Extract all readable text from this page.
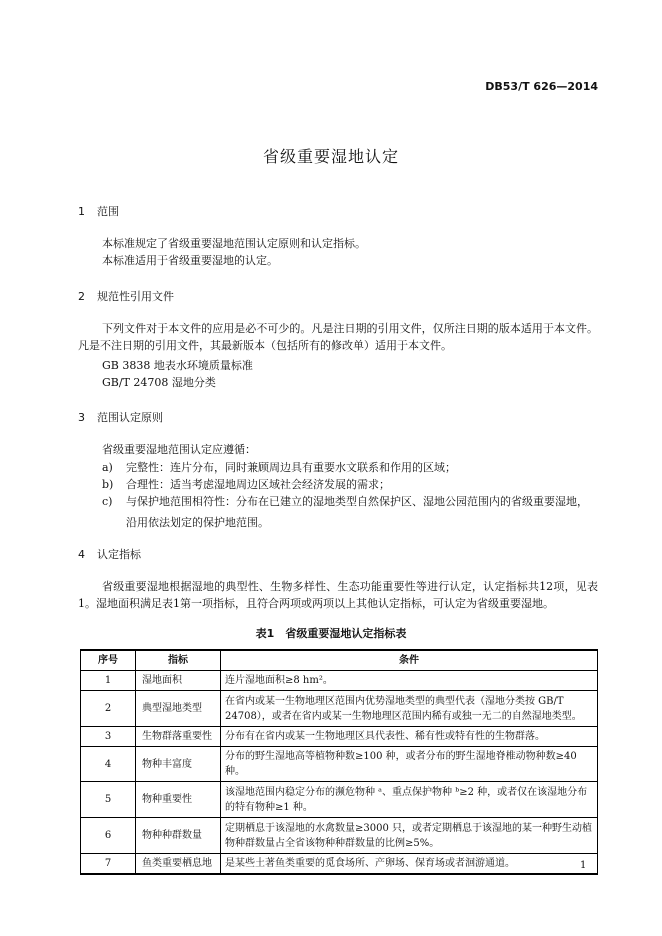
DB53/T 626—2014
省级重要湿地认定
1 范围
本标准规定了省级重要湿地范围认定原则和认定指标。
本标准适用于省级重要湿地的认定。
2 规范性引用文件
下列文件对于本文件的应用是必不可少的。凡是注日期的引用文件，仅所注日期的版本适用于本文件。凡是不注日期的引用文件，其最新版本（包括所有的修改单）适用于本文件。
GB 3838 地表水环境质量标准
GB/T 24708 湿地分类
3 范围认定原则
省级重要湿地范围认定应遵循：
a)	完整性：连片分布，同时兼顾周边具有重要水文联系和作用的区域；
b)	合理性：适当考虑湿地周边区域社会经济发展的需求；
c)	与保护地范围相符性：分布在已建立的湿地类型自然保护区、湿地公园范围内的省级重要湿地，沿用依法划定的保护地范围。
4 认定指标
省级重要湿地根据湿地的典型性、生物多样性、生态功能重要性等进行认定，认定指标共12项，见表1。湿地面积满足表1第一项指标，且符合两项或两项以上其他认定指标，可认定为省级重要湿地。
表1　省级重要湿地认定指标表
序号	指标	条件
1	湿地面积	连片湿地面积≥8 hm²。
2	典型湿地类型	在省内或某一生物地理区范围内优势湿地类型的典型代表（湿地分类按 GB/T 24708），或者在省内或某一生物地理区范围内稀有或独一无二的自然湿地类型。
3	生物群落重要性	分布有在省内或某一生物地理区具代表性、稀有性或特有性的生物群落。
4	物种丰富度	分布的野生湿地高等植物种数≥100 种，或者分布的野生湿地脊椎动物种数≥40 种。
5	物种重要性	该湿地范围内稳定分布的濒危物种 ᵃ、重点保护物种 ᵇ≥2 种，或者仅在该湿地分布的特有物种≥1 种。
6	物种种群数量	定期栖息于该湿地的水禽数量≥3000 只，或者定期栖息于该湿地的某一种野生动植物种群数量占全省该物种种群数量的比例≥5%。
7	鱼类重要栖息地	是某些土著鱼类重要的觅食场所、产卵场、保育场或者洄游通道。	1
